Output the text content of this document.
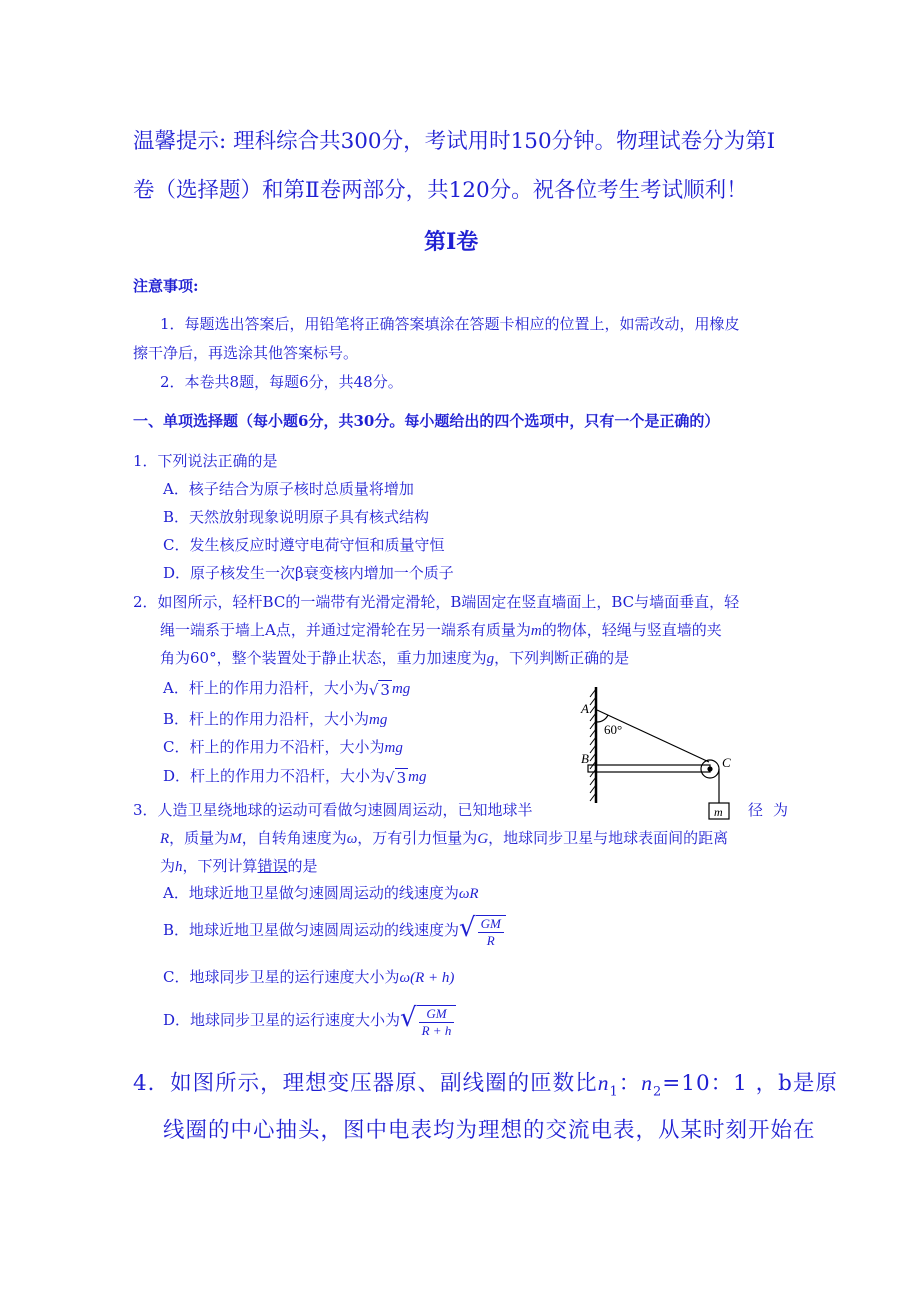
温馨提示: 理科综合共300分，考试用时150分钟。物理试卷分为第Ⅰ
卷（选择题）和第Ⅱ卷两部分，共120分。祝各位考生考试顺利！
第Ⅰ卷
注意事项:
1．每题选出答案后，用铅笔将正确答案填涂在答题卡相应的位置上，如需改动，用橡皮
擦干净后，再选涂其他答案标号。
2．本卷共8题，每题6分，共48分。
一、单项选择题（每小题6分，共30分。每小题给出的四个选项中，只有一个是正确的）
1．下列说法正确的是
A．核子结合为原子核时总质量将增加
B．天然放射现象说明原子具有核式结构
C．发生核反应时遵守电荷守恒和质量守恒
D．原子核发生一次β衰变核内增加一个质子
2．如图所示，轻杆BC的一端带有光滑定滑轮，B端固定在竖直墙面上，BC与墙面垂直，轻
绳一端系于墙上A点，并通过定滑轮在另一端系有质量为m的物体，轻绳与竖直墙的夹
角为60°，整个装置处于静止状态，重力加速度为g，下列判断正确的是
A．杆上的作用力沿杆，大小为√ 3 mg
B．杆上的作用力沿杆，大小为mg
C．杆上的作用力不沿杆，大小为mg
D．杆上的作用力不沿杆，大小为√ 3 mg
A
B	C
m
60°
3．人造卫星绕地球的运动可看做匀速圆周运动，已知地球半	径为
R，质量为M，自转角速度为ω，万有引力恒量为G，地球同步卫星与地球表面间的距离
为h，下列计算错误的是
A．地球近地卫星做匀速圆周运动的线速度为ωR
B．地球近地卫星做匀速圆周运动的线速度为√ $\frac{GM}{R}$
C．地球同步卫星的运行速度大小为ω(R + h)
D．地球同步卫星的运行速度大小为√ $\frac{GM}{R + h}$
4．如图所示，理想变压器原、副线圈的匝数比$n_1$：$n_2=10$：1 ，b是原
线圈的中心抽头，图中电表均为理想的交流电表，从某时刻开始在
